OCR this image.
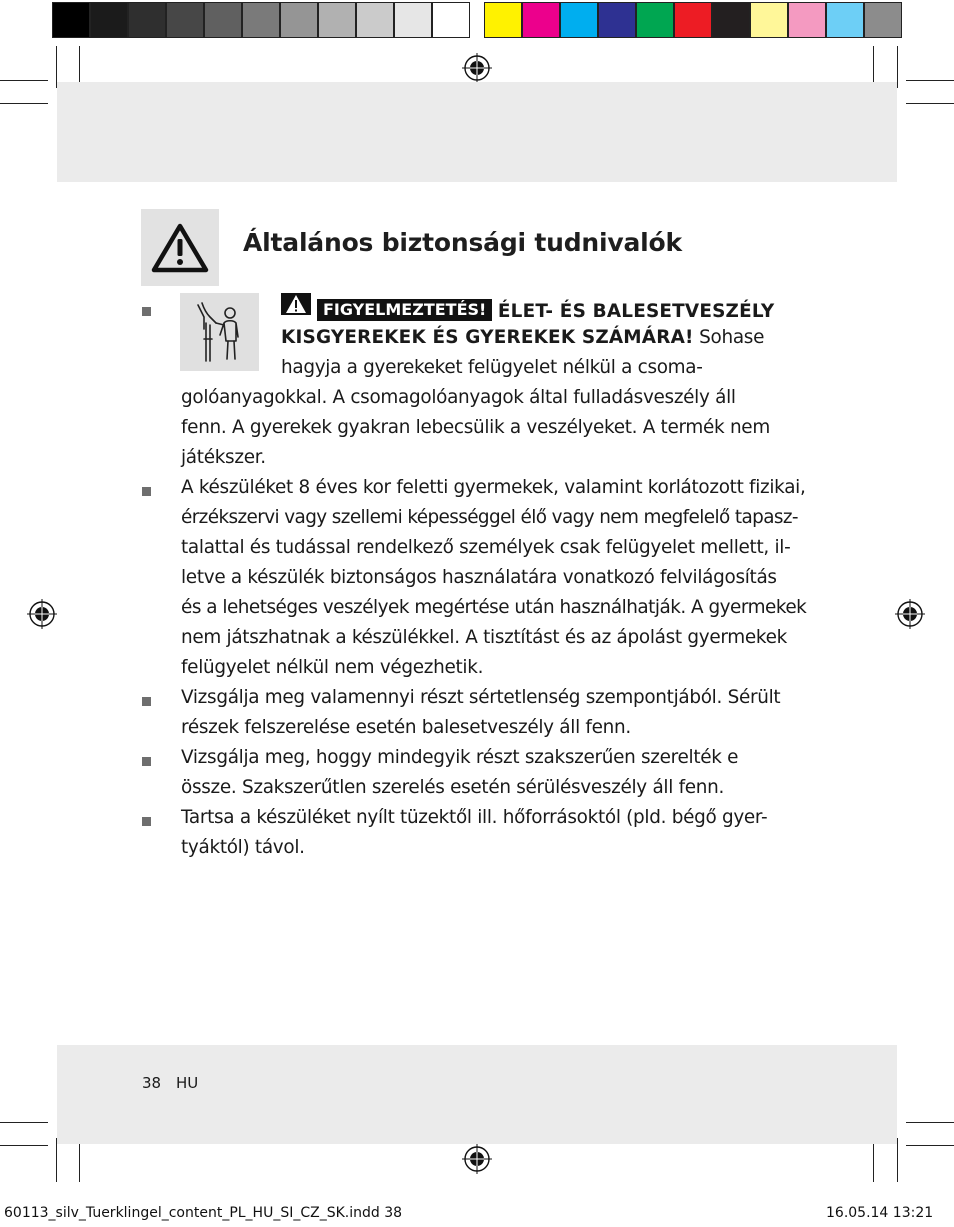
Általános biztonsági tudnivalók
FIGYELMEZTETÉS! ÉLET- ÉS BALESETVESZÉLY
KISGYEREKEK ÉS GYEREKEK SZÁMÁRA! Sohase
hagyja a gyerekeket felügyelet nélkül a csoma-
golóanyagokkal. A csomagolóanyagok által fulladásveszély áll
fenn. A gyerekek gyakran lebecsülik a veszélyeket. A termék nem
játékszer.
A készüléket 8 éves kor feletti gyermekek, valamint korlátozott fizikai,
érzékszervi vagy szellemi képességgel élő vagy nem megfelelő tapasz-
talattal és tudással rendelkező személyek csak felügyelet mellett, il-
letve a készülék biztonságos használatára vonatkozó felvilágosítás
és a lehetséges veszélyek megértése után használhatják. A gyermekek
nem játszhatnak a készülékkel. A tisztítást és az ápolást gyermekek
felügyelet nélkül nem végezhetik.
Vizsgálja meg valamennyi részt sértetlenség szempontjából. Sérült
részek felszerelése esetén balesetveszély áll fenn.
Vizsgálja meg, hoggy mindegyik részt szakszerűen szerelték e
össze. Szakszerűtlen szerelés esetén sérülésveszély áll fenn.
Tartsa a készüléket nyílt tüzektől ill. hőforrásoktól (pld. bégő gyer-
tyáktól) távol.
38 HU
60113_silv_Tuerklingel_content_PL_HU_SI_CZ_SK.indd 38	16.05.14 13:21
